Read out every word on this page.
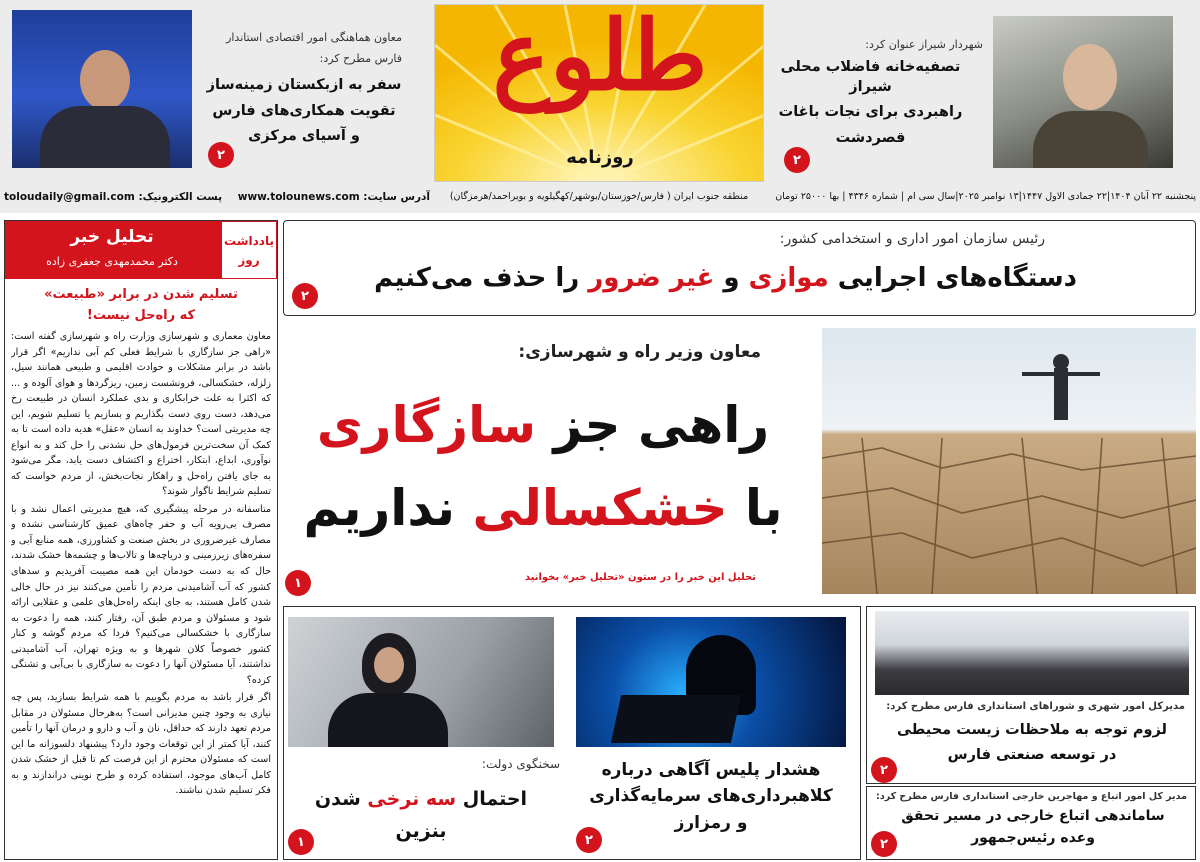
شهردار شیراز عنوان کرد:
تصفیه‌خانه فاضلاب محلی شیراز
راهبردی برای نجات باغات
قصردشت
۲
طلوع
روزنامه
معاون هماهنگی امور اقتصادی استاندار
فارس مطرح کرد:
سفر به ازبکستان زمینه‌ساز
تقویت همکاری‌های فارس
و آسیای مرکزی
۲
پنجشنبه ۲۲ آبان ۱۴۰۴|۲۲ جمادی الاول ۱۴۴۷|۱۳ نوامبر ۲۰۲۵|سال سی ام | شماره ۴۳۴۶ | بها ۲۵۰۰۰ تومان
منطقه جنوب ایران ( فارس/خوزستان/بوشهر/کهگیلویه و بویراحمد/هرمزگان)
آدرس سایت: www.tolounews.com
پست الکترونیک: toloudaily@gmail.com
رئیس سازمان امور اداری و استخدامی کشور:
دستگاه‌های اجرایی موازی و غیر ضرور را حذف می‌کنیم
۲
معاون وزیر راه و شهرسازی:
راهی جز سازگاری
با خشکسالی نداریم
تحلیل این خبر را در ستون «تحلیل خبر» بخوانید
۱
مدیرکل امور شهری و شوراهای استانداری فارس مطرح کرد:
لزوم توجه به ملاحظات زیست محیطی
در توسعه صنعتی فارس
۲
مدیر کل امور اتباع و مهاجرین خارجی استانداری فارس مطرح کرد:
ساماندهی اتباع خارجی در مسیر تحقق
وعده رئیس‌جمهور
۲
هشدار پلیس آگاهی درباره
کلاهبرداری‌های سرمایه‌گذاری
و رمزارز
۲
سخنگوی دولت:
احتمال سه نرخی شدن
بنزین
۱
یادداشت
روز
تحلیل خبر
دکتر محمدمهدی جعفری زاده
تسلیم شدن در برابر «طبیعت»
که راه‌حل نیست!

معاون معماری و شهرسازی وزارت راه و شهرسازی گفته است: «راهی جز سازگاری با شرایط فعلی کم آبی نداریم» اگر قرار باشد در برابر مشکلات و حوادث اقلیمی و طبیعی همانند سیل، زلزله، خشکسالی، فرونشست زمین، ریزگردها و هوای آلوده و ... که اکثرا به علت خرابکاری و بدی عملکرد انسان در طبیعت رخ می‌دهد، دست روی دست بگذاریم و بسازیم یا تسلیم شویم، این چه مدیریتی است؟ خداوند به انسان «عقل» هدیه داده است تا به کمک آن سخت‌ترین فرمول‌های حل نشدنی را حل کند و به انواع نوآوری، ابداع، ابتکار، اختراع و اکتشاف دست یابد، مگر می‌شود به جای یافتن راه‌حل و راهکار نجات‌بخش، از مردم خواست که تسلیم شرایط ناگوار شوند؟

متاسفانه در مرحله پیشگیری که، هیچ مدیریتی اعمال نشد و با مصرف بی‌رویه آب و حفر چاه‌های عمیق کارشناسی نشده و مصارف غیرضروری در بخش صنعت و کشاورزی، همه منابع آبی و سفره‌های زیرزمینی و دریاچه‌ها و تالاب‌ها و چشمه‌ها خشک شدند، حال که به دست خودمان این همه مصیبت آفریدیم و سدهای کشور که آب آشامیدنی مردم را تأمین می‌کنند نیز در حال خالی شدن کامل هستند، به جای اینکه راه‌حل‌های علمی و عقلایی ارائه شود و مسئولان و مردم طبق آن، رفتار کنند، همه را دعوت به سازگاری با خشکسالی می‌کنیم؟ فردا که مردم گوشه و کنار کشور خصوصاً کلان شهرها و به ویژه تهران، آب آشامیدنی نداشتند، آیا مسئولان آنها را دعوت به سازگاری با بی‌آبی و تشنگی کرده؟

اگر قرار باشد به مردم بگوییم با همه شرایط بسازید، پس چه نیازی به وجود چنین مدیرانی است؟ به‌هرحال مسئولان در مقابل مردم تعهد دارند که حداقل، نان و آب و دارو و درمان آنها را تأمین کنند، آیا کمتر از این توقعات وجود دارد؟ پیشنهاد دلسوزانه ما این است که مسئولان محترم از این فرصت کم تا قبل از خشک شدن کامل آب‌های موجود، استفاده کرده و طرح نوینی دراندازند و به فکر تسلیم شدن نباشند.
